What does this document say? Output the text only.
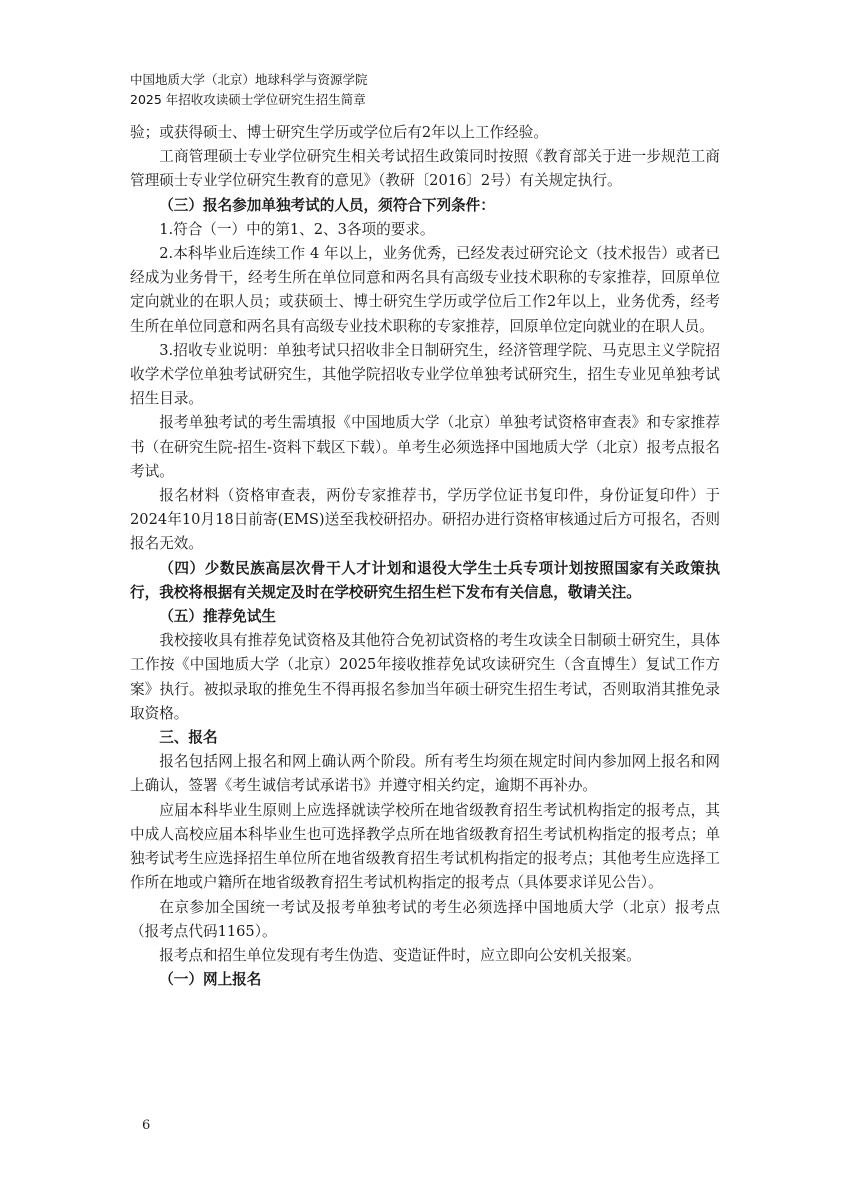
中国地质大学（北京）地球科学与资源学院
2025 年招收攻读硕士学位研究生招生简章

验；或获得硕士、博士研究生学历或学位后有2年以上工作经验。

工商管理硕士专业学位研究生相关考试招生政策同时按照《教育部关于进一步规范工商管理硕士专业学位研究生教育的意见》（教研〔2016〕2号）有关规定执行。

（三）报名参加单独考试的人员，须符合下列条件：

1.符合（一）中的第1、2、3各项的要求。

2.本科毕业后连续工作 4 年以上，业务优秀，已经发表过研究论文（技术报告）或者已经成为业务骨干，经考生所在单位同意和两名具有高级专业技术职称的专家推荐，回原单位定向就业的在职人员；或获硕士、博士研究生学历或学位后工作2年以上，业务优秀，经考生所在单位同意和两名具有高级专业技术职称的专家推荐，回原单位定向就业的在职人员。

3.招收专业说明：单独考试只招收非全日制研究生，经济管理学院、马克思主义学院招收学术学位单独考试研究生，其他学院招收专业学位单独考试研究生，招生专业见单独考试招生目录。

报考单独考试的考生需填报《中国地质大学（北京）单独考试资格审查表》和专家推荐书（在研究生院-招生-资料下载区下载）。单考生必须选择中国地质大学（北京）报考点报名考试。

报名材料（资格审查表，两份专家推荐书，学历学位证书复印件，身份证复印件）于2024年10月18日前寄(EMS)送至我校研招办。研招办进行资格审核通过后方可报名，否则报名无效。

（四）少数民族高层次骨干人才计划和退役大学生士兵专项计划按照国家有关政策执行，我校将根据有关规定及时在学校研究生招生栏下发布有关信息，敬请关注。

（五）推荐免试生

我校接收具有推荐免试资格及其他符合免初试资格的考生攻读全日制硕士研究生，具体工作按《中国地质大学（北京）2025年接收推荐免试攻读研究生（含直博生）复试工作方案》执行。被拟录取的推免生不得再报名参加当年硕士研究生招生考试，否则取消其推免录取资格。

三、报名

报名包括网上报名和网上确认两个阶段。所有考生均须在规定时间内参加网上报名和网上确认，签署《考生诚信考试承诺书》并遵守相关约定，逾期不再补办。

应届本科毕业生原则上应选择就读学校所在地省级教育招生考试机构指定的报考点，其中成人高校应届本科毕业生也可选择教学点所在地省级教育招生考试机构指定的报考点；单独考试考生应选择招生单位所在地省级教育招生考试机构指定的报考点；其他考生应选择工作所在地或户籍所在地省级教育招生考试机构指定的报考点（具体要求详见公告）。

在京参加全国统一考试及报考单独考试的考生必须选择中国地质大学（北京）报考点（报考点代码1165）。

报考点和招生单位发现有考生伪造、变造证件时，应立即向公安机关报案。

（一）网上报名

6
